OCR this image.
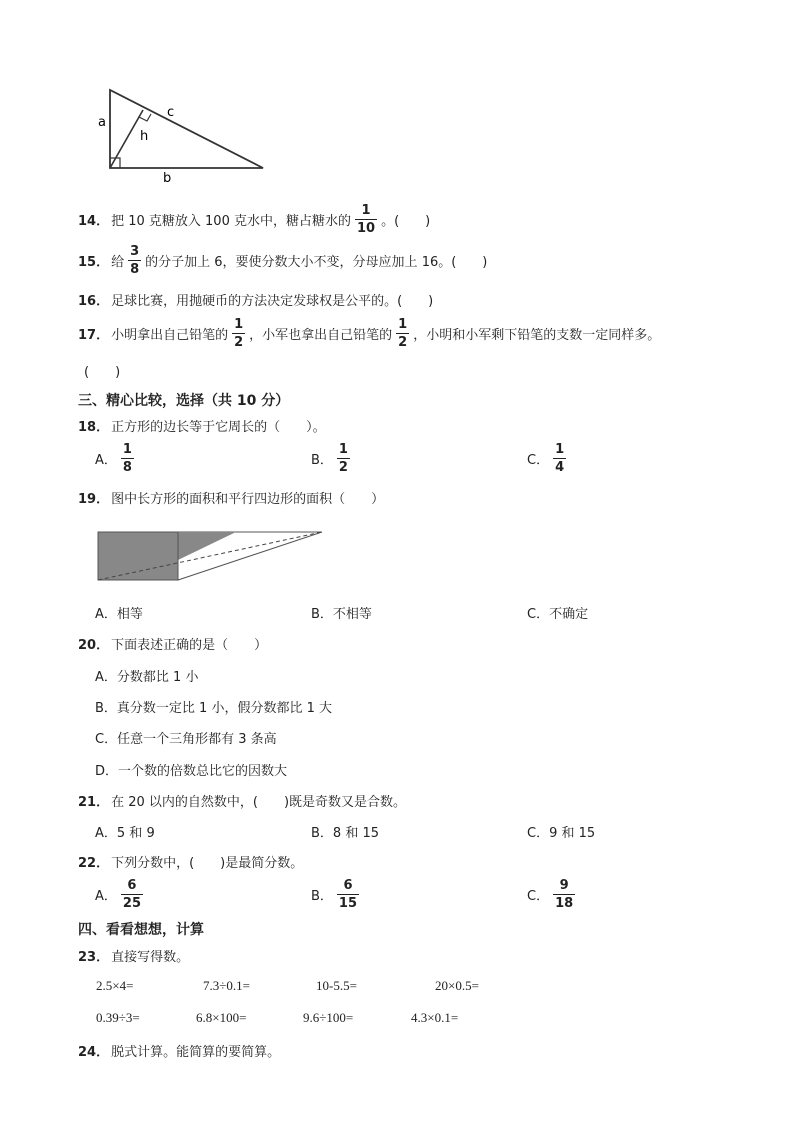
a
c
h
b
14． 把 10 克糖放入 100 克水中，糖占糖水的 $\frac{1}{10}$ 。(　　)
15． 给 $\frac{3}{8}$ 的分子加上 6，要使分数大小不变，分母应加上 16。(　　)
16． 足球比赛，用抛硬币的方法决定发球权是公平的。(　　)
17． 小明拿出自己铅笔的 $\frac{1}{2}$ ，小军也拿出自己铅笔的 $\frac{1}{2}$ ，小明和小军剩下铅笔的支数一定同样多。
(　　)
三、精心比较，选择（共 10 分）
18． 正方形的边长等于它周长的（　　）。
A． $\frac{1}{8}$	B． $\frac{1}{2}$	C． $\frac{1}{4}$
19． 图中长方形的面积和平行四边形的面积（　　）
A．相等	B．不相等	C．不确定
20． 下面表述正确的是（　　）
A．分数都比 1 小
B．真分数一定比 1 小，假分数都比 1 大
C．任意一个三角形都有 3 条高
D．一个数的倍数总比它的因数大
21． 在 20 以内的自然数中，(　　)既是奇数又是合数。
A．5 和 9	B．8 和 15	C．9 和 15
22． 下列分数中，(　　)是最简分数。
A． $\frac{6}{25}$	B． $\frac{6}{15}$	C． $\frac{9}{18}$
四、看看想想，计算
23． 直接写得数。
2.5×4=	7.3÷0.1=	10-5.5=	20×0.5=
0.39÷3=	6.8×100=	9.6÷100=	4.3×0.1=
24． 脱式计算。能简算的要简算。
